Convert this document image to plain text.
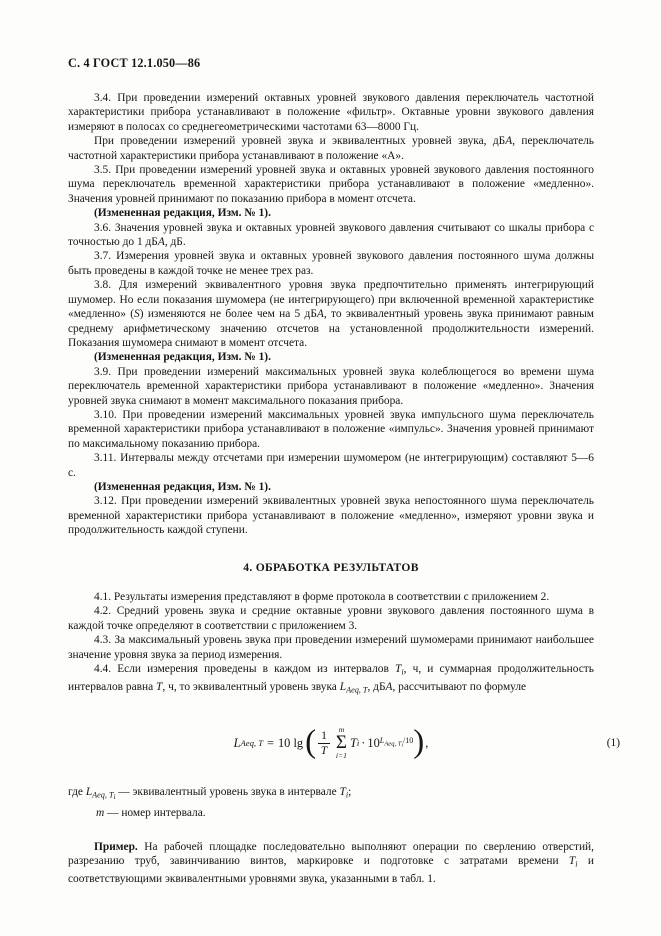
С. 4 ГОСТ 12.1.050—86

3.4. При проведении измерений октавных уровней звукового давления переключатель частотной характеристики прибора устанавливают в положение «фильтр». Октавные уровни звукового давления измеряют в полосах со среднегеометрическими частотами 63—8000 Гц.

При проведении измерений уровней звука и эквивалентных уровней звука, дБА, переключатель частотной характеристики прибора устанавливают в положение «А».

3.5. При проведении измерений уровней звука и октавных уровней звукового давления постоянного шума переключатель временной характеристики прибора устанавливают в положение «медленно». Значения уровней принимают по показанию прибора в момент отсчета.

(Измененная редакция, Изм. № 1).

3.6. Значения уровней звука и октавных уровней звукового давления считывают со шкалы прибора с точностью до 1 дБА, дБ.

3.7. Измерения уровней звука и октавных уровней звукового давления постоянного шума должны быть проведены в каждой точке не менее трех раз.

3.8. Для измерений эквивалентного уровня звука предпочтительно применять интегрирующий шумомер. Но если показания шумомера (не интегрирующего) при включенной временной характеристике «медленно» (S) изменяются не более чем на 5 дБА, то эквивалентный уровень звука принимают равным среднему арифметическому значению отсчетов на установленной продолжительности измерений. Показания шумомера снимают в момент отсчета.

(Измененная редакция, Изм. № 1).

3.9. При проведении измерений максимальных уровней звука колеблющегося во времени шума переключатель временной характеристики прибора устанавливают в положение «медленно». Значения уровней звука снимают в момент максимального показания прибора.

3.10. При проведении измерений максимальных уровней звука импульсного шума переключатель временной характеристики прибора устанавливают в положение «импульс». Значения уровней принимают по максимальному показанию прибора.

3.11. Интервалы между отсчетами при измерении шумомером (не интегрирующим) составляют 5—6 с.

(Измененная редакция, Изм. № 1).

3.12. При проведении измерений эквивалентных уровней звука непостоянного шума переключатель временной характеристики прибора устанавливают в положение «медленно», измеряют уровни звука и продолжительность каждой ступени.

4. ОБРАБОТКА РЕЗУЛЬТАТОВ

4.1. Результаты измерения представляют в форме протокола в соответствии с приложением 2.

4.2. Средний уровень звука и средние октавные уровни звукового давления постоянного шума в каждой точке определяют в соответствии с приложением 3.

4.3. За максимальный уровень звука при проведении измерений шумомерами принимают наибольшее значение уровня звука за период измерения.

4.4. Если измерения проведены в каждом из интервалов $T_i$, ч, и суммарная продолжительность интервалов равна T, ч, то эквивалентный уровень звука $L_{Aeq, T}$, дБА, рассчитывают по формуле

L Aeq, T = 10 lg ( $\frac{1}{T}$
m
Σ
i=1
T i · 10 $L_{Aeq, Ti}/10$ ) ,	(1)

где $L_{Aeq, Ti}$ — эквивалентный уровень звука в интервале $T_i$;

m — номер интервала.

Пример. На рабочей площадке последовательно выполняют операции по сверлению отверстий, разрезанию труб, завинчиванию винтов, маркировке и подготовке с затратами времени $T_i$ и соответствующими эквивалентными уровнями звука, указанными в табл. 1.
